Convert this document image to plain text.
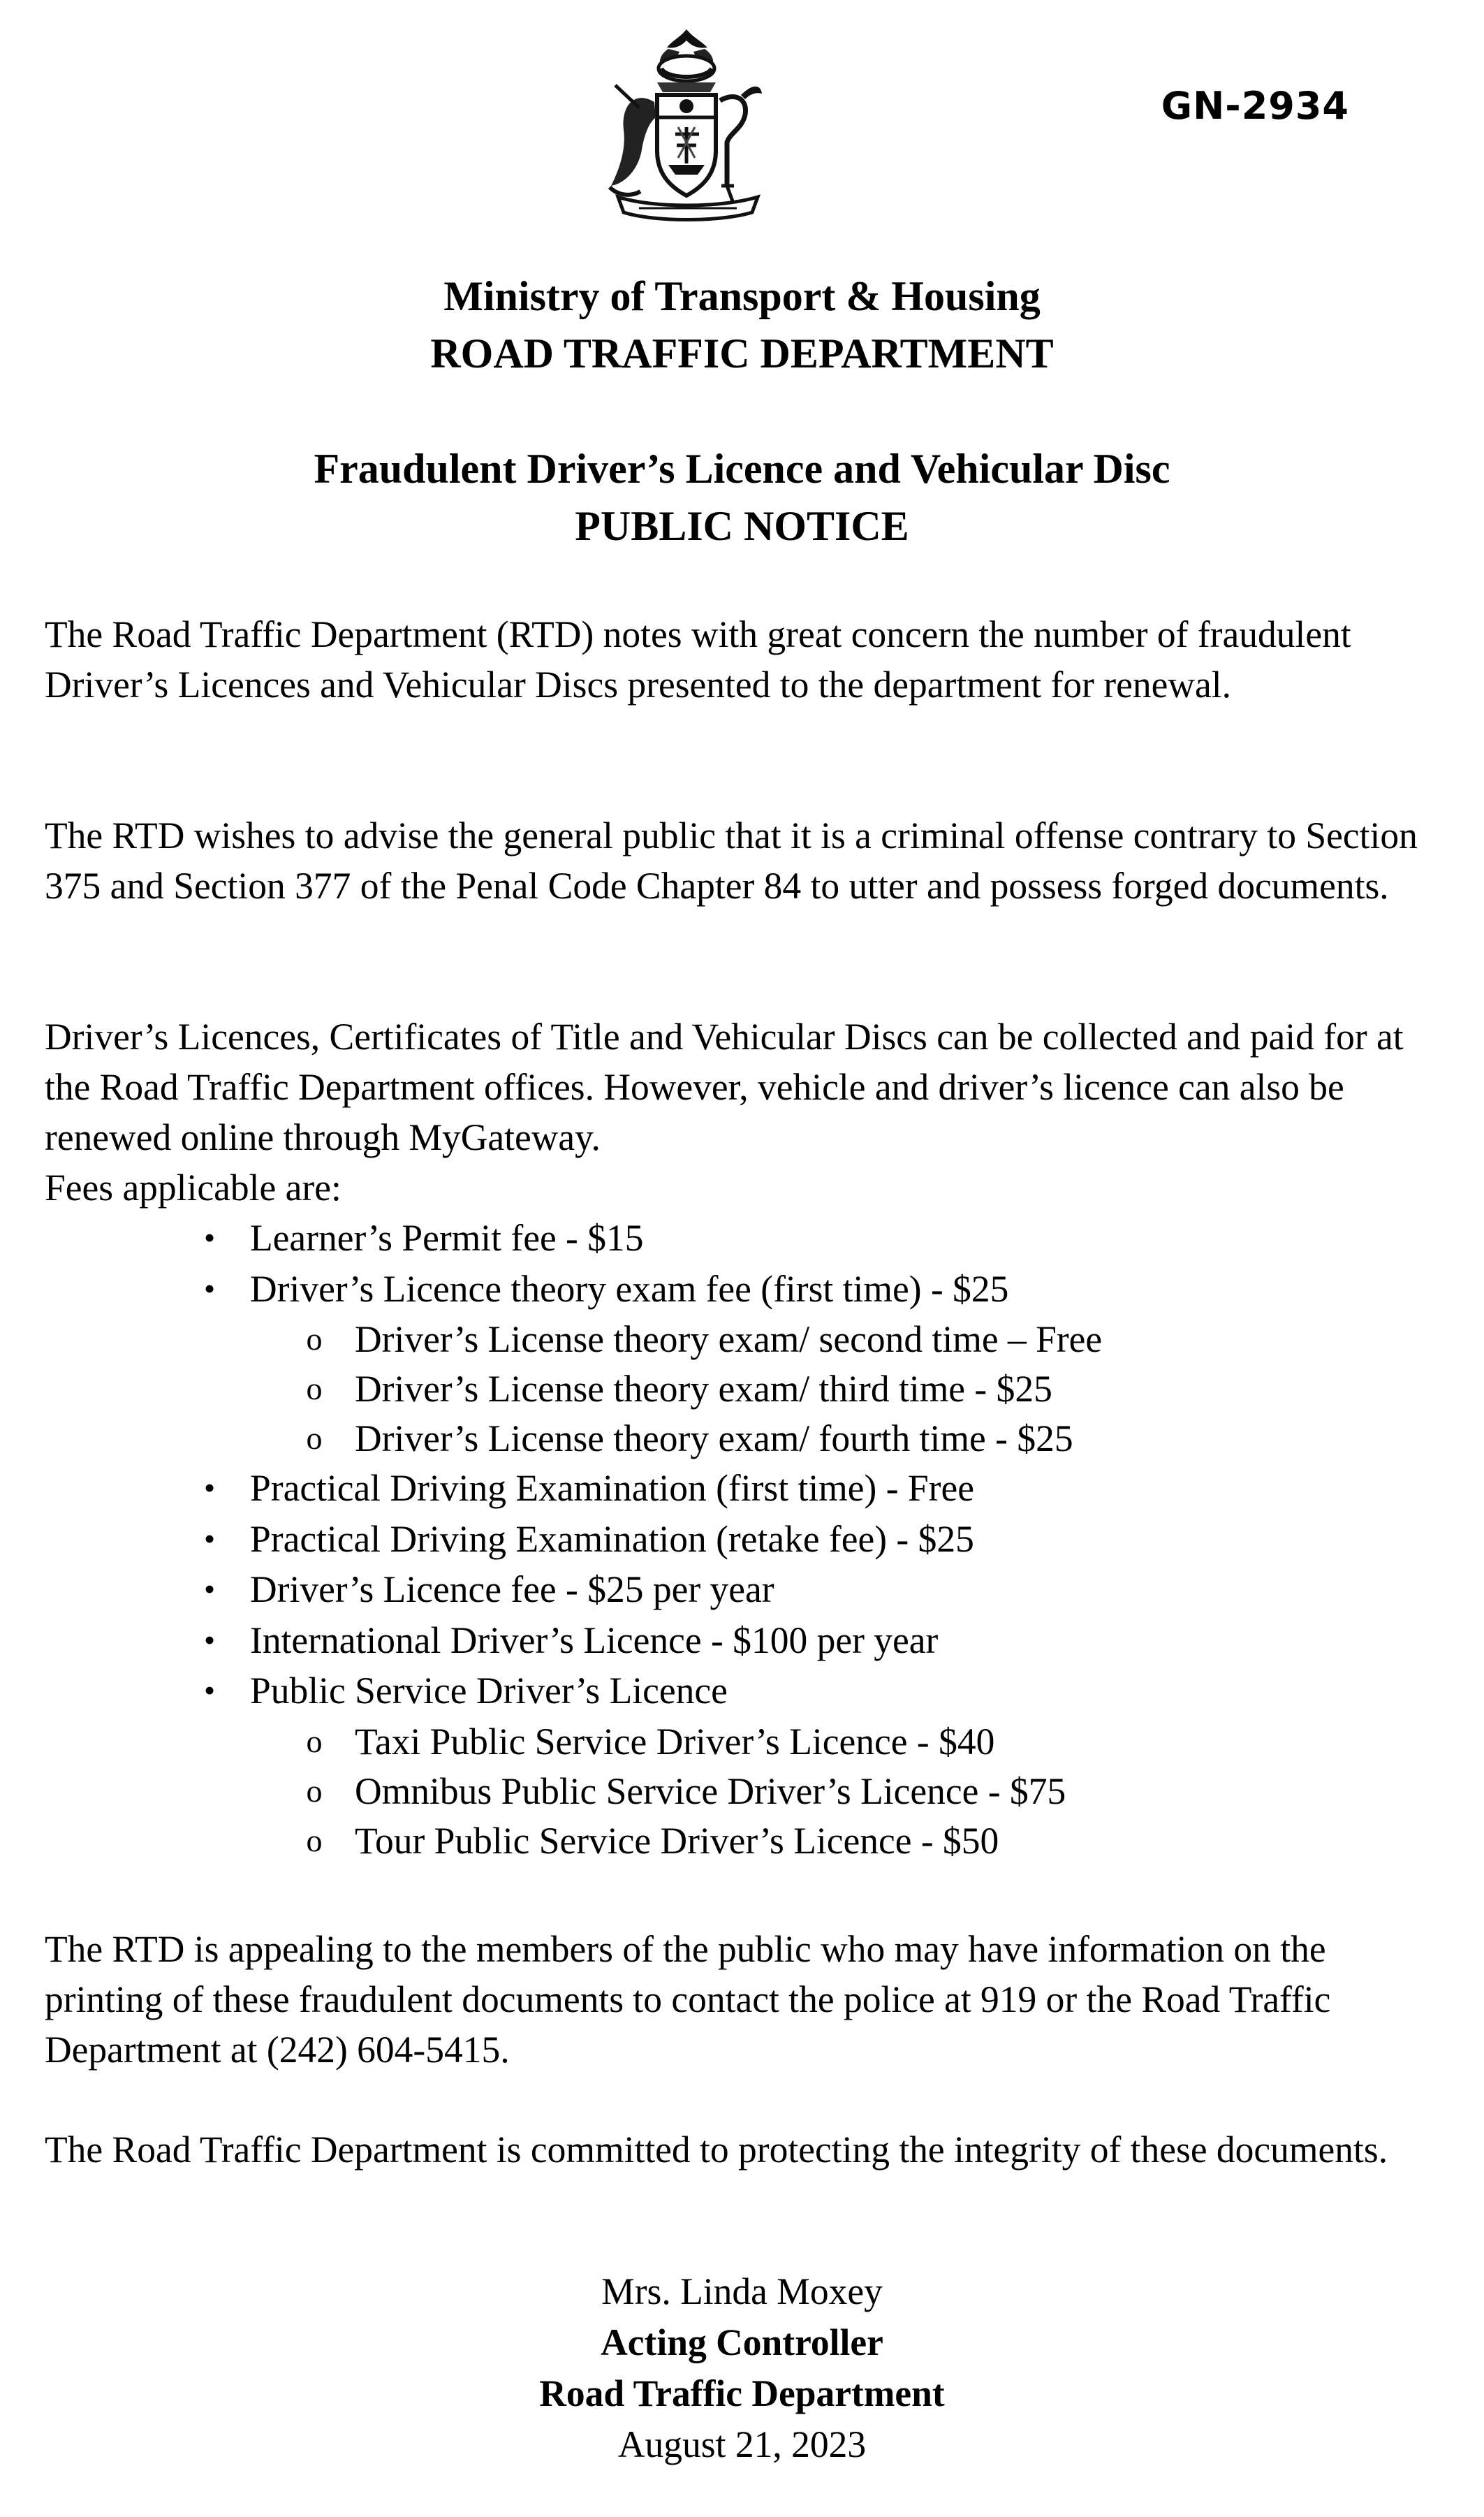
GN-2934
Ministry of Transport & Housing
ROAD TRAFFIC DEPARTMENT
Fraudulent Driver’s Licence and Vehicular Disc
PUBLIC NOTICE
The Road Traffic Department (RTD) notes with great concern the number of fraudulent Driver’s Licences and Vehicular Discs presented to the department for renewal.
The RTD wishes to advise the general public that it is a criminal offense contrary to Section 375 and Section 377 of the Penal Code Chapter 84 to utter and possess forged documents.
Driver’s Licences, Certificates of Title and Vehicular Discs can be collected and paid for at the Road Traffic Department offices. However, vehicle and driver’s licence can also be renewed online through MyGateway.
Fees applicable are:
• Learner’s Permit fee - $15
• Driver’s Licence theory exam fee (first time) - $25
o Driver’s License theory exam/ second time – Free
o Driver’s License theory exam/ third time - $25
o Driver’s License theory exam/ fourth time - $25
• Practical Driving Examination (first time) - Free
• Practical Driving Examination (retake fee) - $25
• Driver’s Licence fee - $25 per year
• International Driver’s Licence - $100 per year
• Public Service Driver’s Licence
o Taxi Public Service Driver’s Licence - $40
o Omnibus Public Service Driver’s Licence - $75
o Tour Public Service Driver’s Licence - $50
The RTD is appealing to the members of the public who may have information on the printing of these fraudulent documents to contact the police at 919 or the Road Traffic Department at (242) 604-5415.
The Road Traffic Department is committed to protecting the integrity of these documents.
Mrs. Linda Moxey
Acting Controller
Road Traffic Department
August 21, 2023
